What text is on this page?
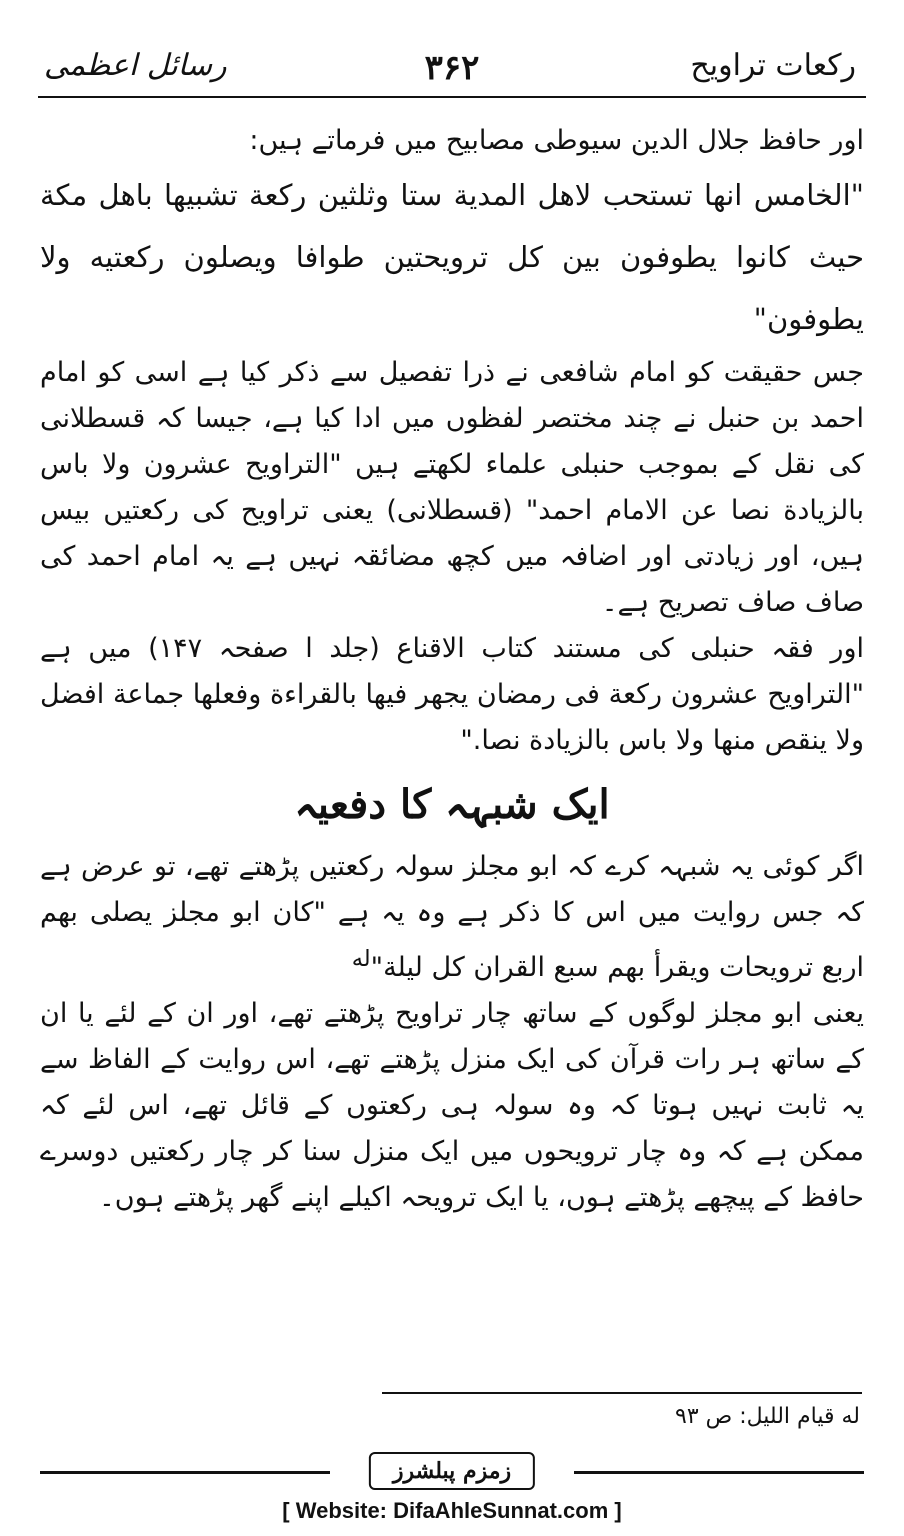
رکعات تراویح
۳۶۲
رسائل اعظمی

اور حافظ جلال الدین سیوطی مصابیح میں فرماتے ہیں:

"الخامس انها تستحب لاهل المدية ستا وثلثين ركعة تشبيها باهل مكة حيث كانوا يطوفون بين كل ترويحتين طوافا ويصلون ركعتيه ولا يطوفون"

جس حقیقت کو امام شافعی نے ذرا تفصیل سے ذکر کیا ہے اسی کو امام احمد بن حنبل نے چند مختصر لفظوں میں ادا کیا ہے، جیسا کہ قسطلانی کی نقل کے بموجب حنبلی علماء لکھتے ہیں "التراويح عشرون ولا باس بالزيادة نصا عن الامام احمد" (قسطلانی) یعنی تراویح کی رکعتیں بیس ہیں، اور زیادتی اور اضافہ میں کچھ مضائقہ نہیں ہے یہ امام احمد کی صاف صاف تصریح ہے۔

اور فقہ حنبلی کی مستند کتاب الاقناع (جلد ا صفحہ ۱۴۷) میں ہے "التراويح عشرون ركعة فى رمضان يجهر فيها بالقراءة وفعلها جماعة افضل ولا ينقص منها ولا باس بالزيادة نصا."

ایک شبہہ کا دفعیہ

اگر کوئی یہ شبہہ کرے کہ ابو مجلز سولہ رکعتیں پڑھتے تھے، تو عرض ہے کہ جس روایت میں اس کا ذکر ہے وہ یہ ہے "كان ابو مجلز يصلى بهم اربع ترويحات ويقرأ بهم سبع القران كل ليلة"$^{ﻟﻪ}$

یعنی ابو مجلز لوگوں کے ساتھ چار تراویح پڑھتے تھے، اور ان کے لئے یا ان کے ساتھ ہر رات قرآن کی ایک منزل پڑھتے تھے، اس روایت کے الفاظ سے یہ ثابت نہیں ہوتا کہ وہ سولہ ہی رکعتوں کے قائل تھے، اس لئے کہ ممکن ہے کہ وہ چار ترویحوں میں ایک منزل سنا کر چار رکعتیں دوسرے حافظ کے پیچھے پڑھتے ہوں، یا ایک ترویحہ اکیلے اپنے گھر پڑھتے ہوں۔

ﻟﻪ قیام اللیل: ص ۹۳
زمزم پبلشرز
[ Website: DifaAhleSunnat.com ]
